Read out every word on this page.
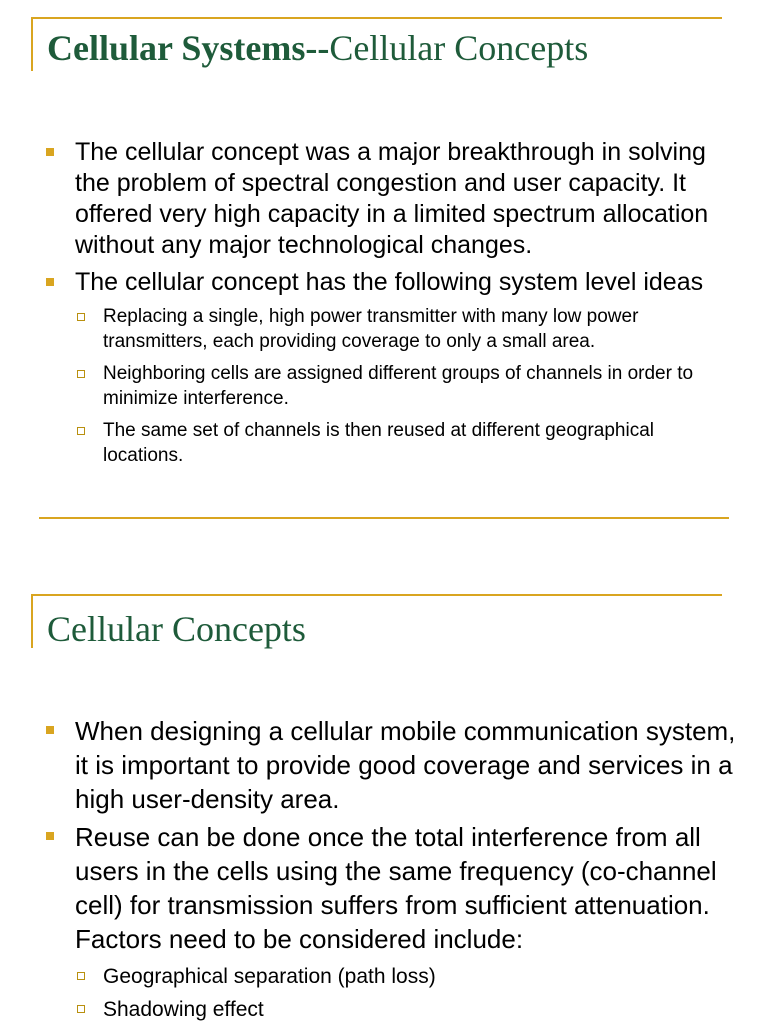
Cellular Systems--Cellular Concepts
The cellular concept was a major breakthrough in solving the problem of spectral congestion and user capacity. It offered very high capacity in a limited spectrum allocation without any major technological changes.
The cellular concept has the following system level ideas
Replacing a single, high power transmitter with many low power transmitters, each providing coverage to only a small area.
Neighboring cells are assigned different groups of channels in order to minimize interference.
The same set of channels is then reused at different geographical locations.
Cellular Concepts
When designing a cellular mobile communication system, it is important to provide good coverage and services in a high user-density area.
Reuse can be done once the total interference from all users in the cells using the same frequency (co-channel cell) for transmission suffers from sufficient attenuation. Factors need to be considered include:
Geographical separation (path loss)
Shadowing effect
